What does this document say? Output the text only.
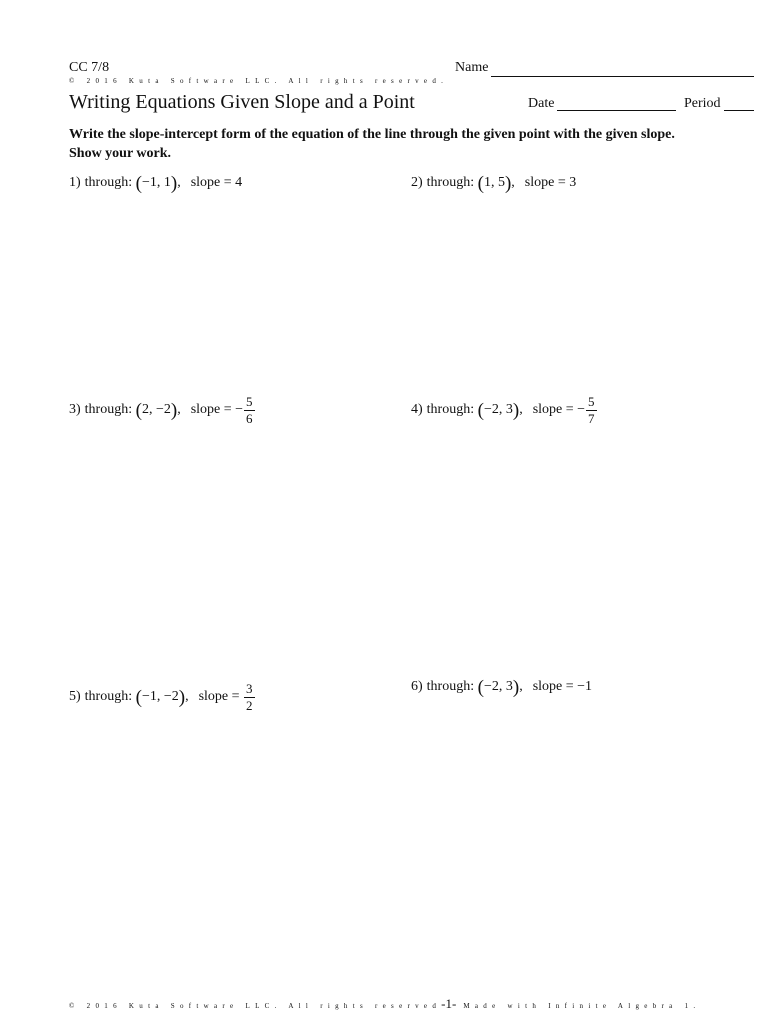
CC 7/8
© 2016 Kuta Software LLC. All rights reserved.
Writing Equations Given Slope and a Point
Name
Date	Period
Write the slope-intercept form of the equation of the line through the given point with the given slope. Show your work.
1) through:
( −1, 1 ) , slope =
4	2) through:
( 1, 5 ) , slope =
3
3) through:
( 2, −2 ) , slope =
− $\frac{5}{6}$	4) through:
( −2, 3 ) , slope =
− $\frac{5}{7}$
5) through:
( −1, −2 ) , slope =
$\frac{3}{2}$	6) through:
( −2, 3 ) , slope =
−1
© 2016 Kuta Software LLC. All rights reserved-1- Made with Infinite Algebra 1.
